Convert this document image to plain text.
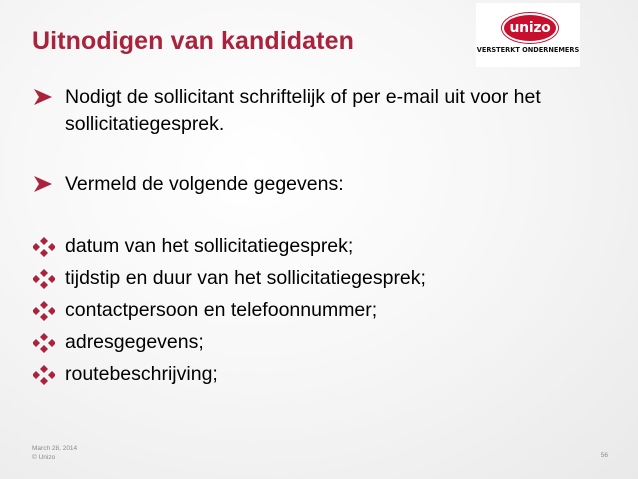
Uitnodigen van kandidaten	unizo
VERSTERKT ONDERNEMERS
Nodigt de sollicitant schriftelijk of per e-mail uit voor het sollicitatiegesprek.
Vermeld de volgende gegevens:
datum van het sollicitatiegesprek;
tijdstip en duur van het sollicitatiegesprek;
contactpersoon en telefoonnummer;
adresgegevens;
routebeschrijving;
March 28, 2014
© Unizo	56
